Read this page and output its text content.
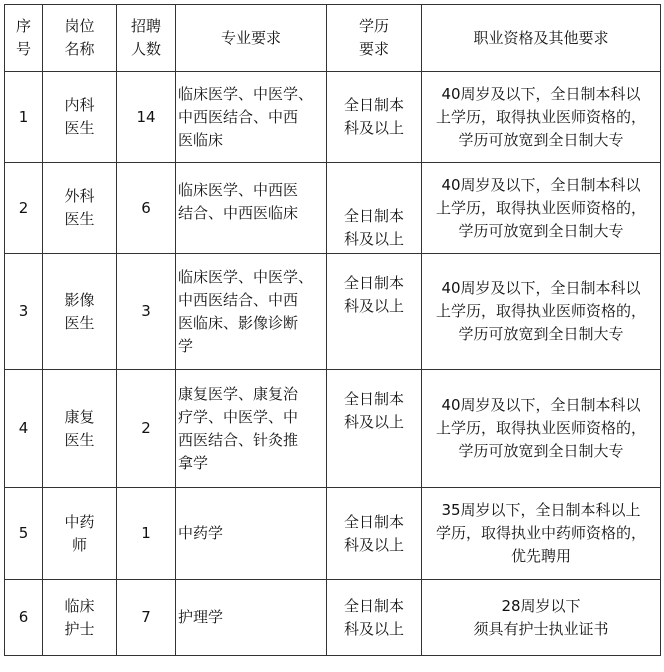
序
号	岗位
名称	招聘
人数	专业要求	学历
要求	职业资格及其他要求
1	内科
医生	14	临床医学、中医学、
中西医结合、中西
医临床	全日制本
科及以上	40周岁及以下，全日制本科以
上学历，取得执业医师资格的，
学历可放宽到全日制大专
2	外科
医生	6	临床医学、中西医
结合、中西医临床	全日制本
科及以上	40周岁及以下，全日制本科以
上学历，取得执业医师资格的，
学历可放宽到全日制大专
3	影像
医生	3	临床医学、中医学、
中西医结合、中西
医临床、影像诊断
学	全日制本
科及以上	40周岁及以下，全日制本科以
上学历，取得执业医师资格的，
学历可放宽到全日制大专
4	康复
医生	2	康复医学、康复治
疗学、中医学、中
西医结合、针灸推
拿学	全日制本
科及以上	40周岁及以下，全日制本科以
上学历，取得执业医师资格的，
学历可放宽到全日制大专
5	中药
师	1	中药学	全日制本
科及以上	35周岁以下，全日制本科以上
学历，取得执业中药师资格的，
优先聘用
6	临床
护士	7	护理学	全日制本
科及以上	28周岁以下
须具有护士执业证书
